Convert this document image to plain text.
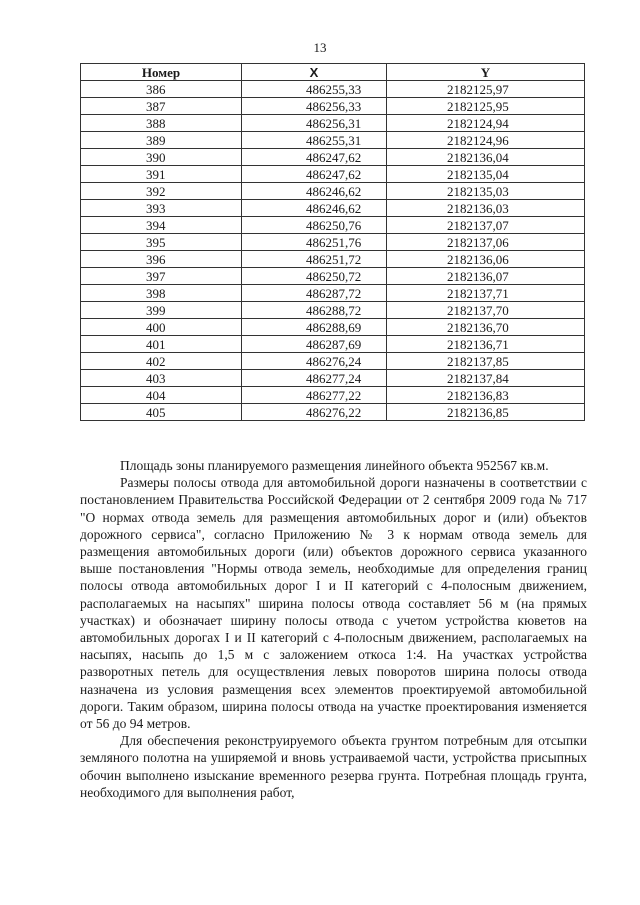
13
Номер	X	Y
386	486255,33	2182125,97
387	486256,33	2182125,95
388	486256,31	2182124,94
389	486255,31	2182124,96
390	486247,62	2182136,04
391	486247,62	2182135,04
392	486246,62	2182135,03
393	486246,62	2182136,03
394	486250,76	2182137,07
395	486251,76	2182137,06
396	486251,72	2182136,06
397	486250,72	2182136,07
398	486287,72	2182137,71
399	486288,72	2182137,70
400	486288,69	2182136,70
401	486287,69	2182136,71
402	486276,24	2182137,85
403	486277,24	2182137,84
404	486277,22	2182136,83
405	486276,22	2182136,85

Площадь зоны планируемого размещения линейного объекта 952567 кв.м.

Размеры полосы отвода для автомобильной дороги назначены в соответствии с постановлением Правительства Российской Федерации от 2 сентября 2009 года № 717 "О нормах отвода земель для размещения автомобильных дорог и (или) объектов дорожного сервиса", согласно Приложению № 3 к нормам отвода земель для размещения автомобильных дороги (или) объектов дорожного сервиса указанного выше постановления "Нормы отвода земель, необходимые для определения границ полосы отвода автомобильных дорог I и II категорий с 4-полосным движением, располагаемых на насыпях" ширина полосы отвода составляет 56 м (на прямых участках) и обозначает ширину полосы отвода с учетом устройства кюветов на автомобильных дорогах I и II категорий с 4-полосным движением, располагаемых на насыпях, насыпь до 1,5 м с заложением откоса 1:4. На участках устройства разворотных петель для осуществления левых поворотов ширина полосы отвода назначена из условия размещения всех элементов проектируемой автомобильной дороги. Таким образом, ширина полосы отвода на участке проектирования изменяется от 56 до 94 метров.

Для обеспечения реконструируемого объекта грунтом потребным для отсыпки земляного полотна на уширяемой и вновь устраиваемой части, устройства присыпных обочин выполнено изыскание временного резерва грунта. Потребная площадь грунта, необходимого для выполнения работ,
